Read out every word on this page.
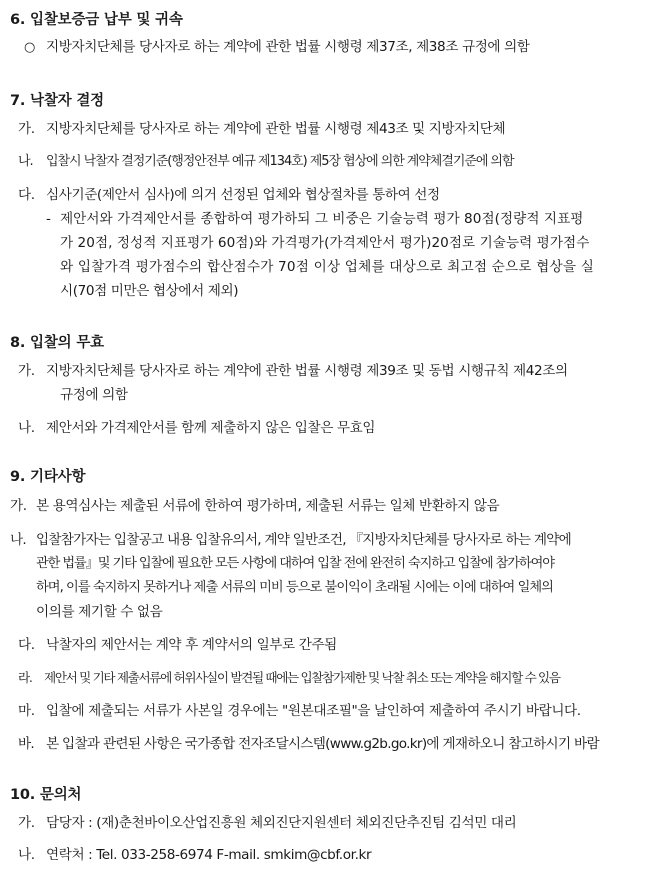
6. 입찰보증금 납부 및 귀속
○ 지방자치단체를 당사자로 하는 계약에 관한 법률 시행령 제37조, 제38조 규정에 의함
7. 낙찰자 결정
가. 지방자치단체를 당사자로 하는 계약에 관한 법률 시행령 제43조 및 지방자치단체
나. 입찰시 낙찰자 결정기준(행정안전부 예규 제134호) 제5장 협상에 의한 계약체결기준에 의함
다. 심사기준(제안서 심사)에 의거 선정된 업체와 협상절차를 통하여 선정
- 제안서와 가격제안서를 종합하여 평가하되 그 비중은 기술능력 평가 80점(정량적 지표평
가 20점, 정성적 지표평가 60점)와 가격평가(가격제안서 평가)20점로 기술능력 평가점수
와 입찰가격 평가점수의 합산점수가 70점 이상 업체를 대상으로 최고점 순으로 협상을 실
시(70점 미만은 협상에서 제외)
8. 입찰의 무효
가. 지방자치단체를 당사자로 하는 계약에 관한 법률 시행령 제39조 및 동법 시행규칙 제42조의
규정에 의함
나. 제안서와 가격제안서를 함께 제출하지 않은 입찰은 무효임
9. 기타사항
가. 본 용역심사는 제출된 서류에 한하여 평가하며, 제출된 서류는 일체 반환하지 않음
나. 입찰참가자는 입찰공고 내용 입찰유의서, 계약 일반조건, 『지방자치단체를 당사자로 하는 계약에
관한 법률』및 기타 입찰에 필요한 모든 사항에 대하여 입찰 전에 완전히 숙지하고 입찰에 참가하여야
하며, 이를 숙지하지 못하거나 제출 서류의 미비 등으로 불이익이 초래될 시에는 이에 대하여 일체의
이의를 제기할 수 없음
다. 낙찰자의 제안서는 계약 후 계약서의 일부로 간주됨
라. 제안서 및 기타 제출서류에 허위사실이 발견될 때에는 입찰참가제한 및 낙찰 취소 또는 계약을 해지할 수 있음
마. 입찰에 제출되는 서류가 사본일 경우에는 "원본대조필"을 날인하여 제출하여 주시기 바랍니다.
바. 본 입찰과 관련된 사항은 국가종합 전자조달시스템(www.g2b.go.kr)에 게재하오니 참고하시기 바람
10. 문의처
가. 담당자 : (재)춘천바이오산업진흥원 체외진단지원센터 체외진단추진팀 김석민 대리
나. 연락처 : Tel. 033-258-6974 F-mail. smkim@cbf.or.kr
